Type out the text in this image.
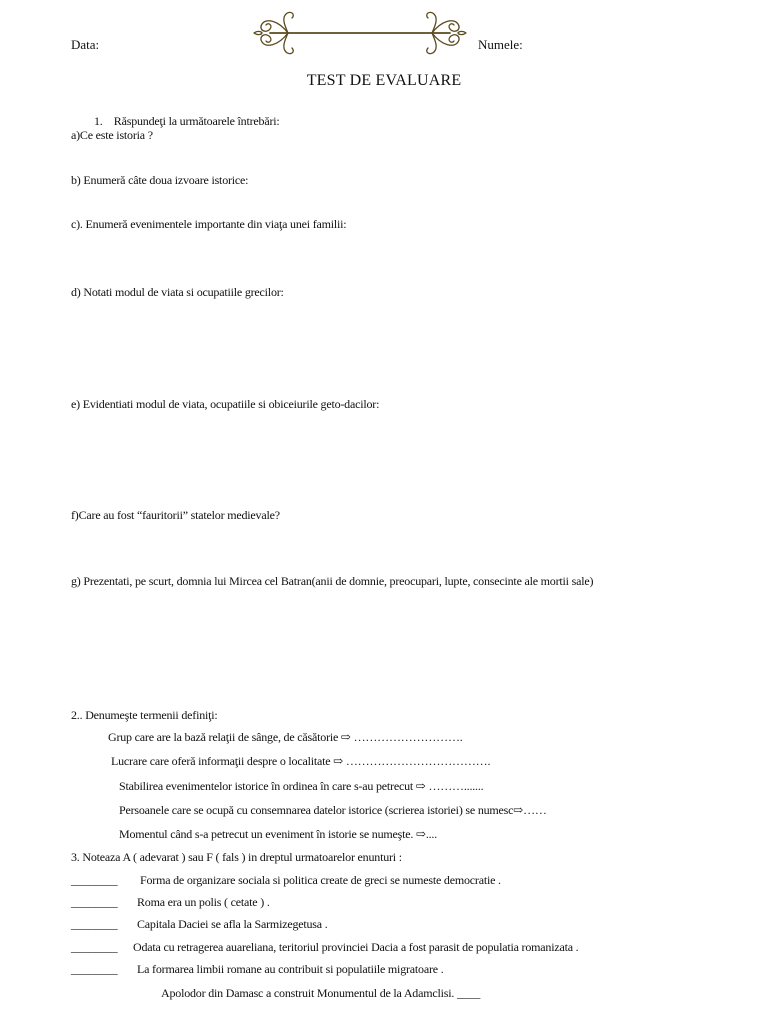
Data:	Numele:
TEST DE EVALUARE
1.    Răspundeţi la următoarele întrebări:
a)Ce este istoria ?
b) Enumeră câte doua izvoare istorice:
c). Enumeră evenimentele importante din viaţa unei familii:
d) Notati modul de viata si ocupatiile grecilor:
e) Evidentiati modul de viata, ocupatiile si obiceiurile geto-dacilor:
f)Care au fost “fauritorii” statelor medievale?
g) Prezentati, pe scurt, domnia lui Mircea cel Batran(anii de domnie, preocupari, lupte, consecinte ale mortii sale)
2.. Denumeşte termenii definiţi:
Grup care are la bază relaţii de sânge, de căsătorie ⇨ ……………………….
Lucrare care oferă informaţii despre o localitate ⇨ ……………………………….
Stabilirea evenimentelor istorice în ordinea în care s-au petrecut ⇨ ……….......
Persoanele care se ocupă cu consemnarea datelor istorice (scrierea istoriei) se numesc⇨……
Momentul când s-a petrecut un eveniment în istorie se numeşte. ⇨....
3. Noteaza A ( adevarat ) sau F ( fals ) in dreptul urmatoarelor enunturi :
________ Forma de organizare sociala si politica create de greci se numeste democratie .
________ Roma era un polis ( cetate ) .
________ Capitala Daciei se afla la Sarmizegetusa .
________ Odata cu retragerea auareliana, teritoriul provinciei Dacia a fost parasit de populatia romanizata .
________ La formarea limbii romane au contribuit si populatiile migratoare .
Apolodor din Damasc a construit Monumentul de la Adamclisi. ____
